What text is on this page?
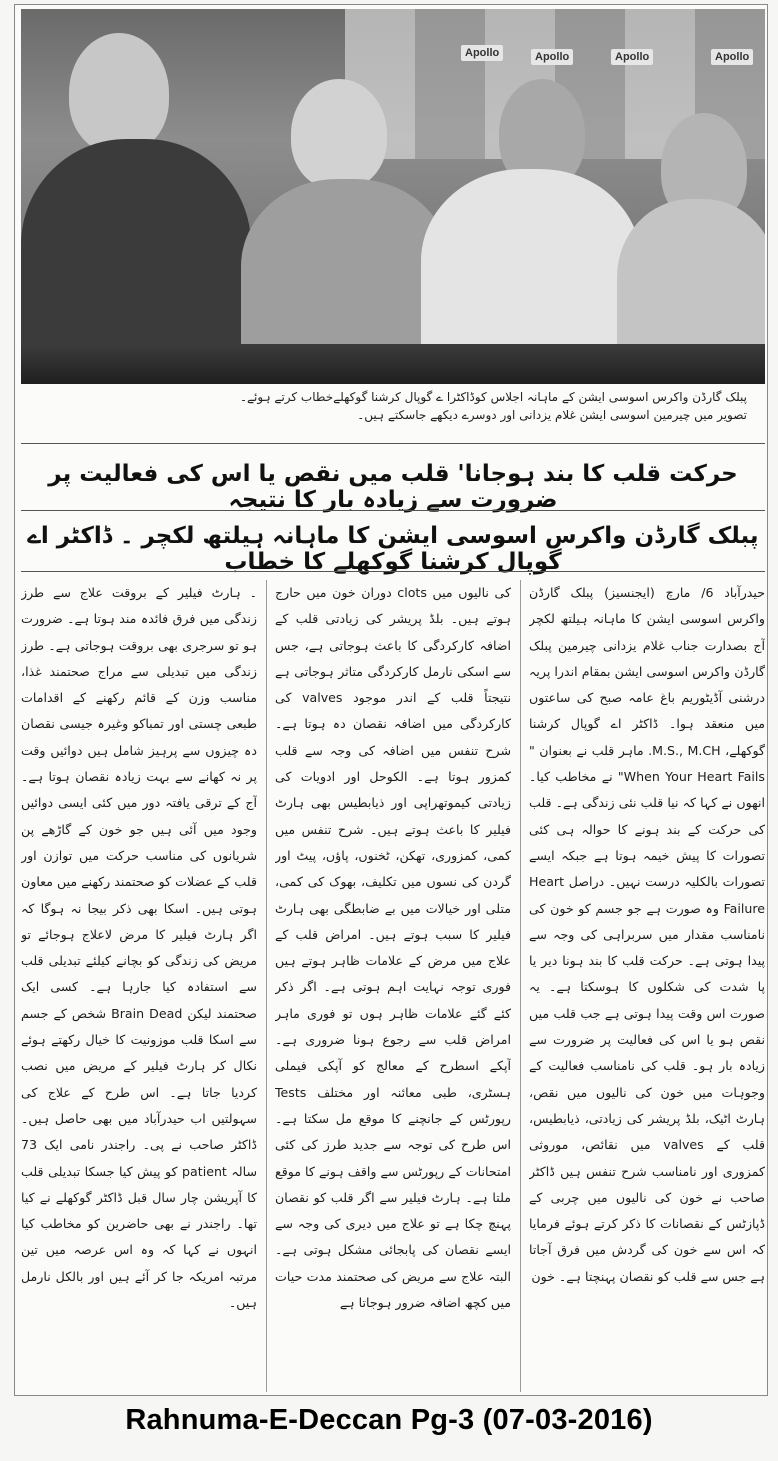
Apollo	Apollo	Apollo	Apollo
پبلک گارڈن واکرس اسوسی ایشن کے ماہانہ اجلاس کوڈاکٹرا ے گوپال کرشنا گوکھلےخطاب کرتے ہوئے۔
تصویر میں چیرمین اسوسی ایشن غلام یزدانی اور دوسرے دیکھے جاسکتے ہیں۔
حرکت قلب کا بند ہوجانا' قلب میں نقص یا اس کی فعالیت پر ضرورت سے زیادہ بار کا نتیجہ
پبلک گارڈن واکرس اسوسی ایشن کا ماہانہ ہیلتھ لکچر ۔ ڈاکٹر اے گوپال کرشنا گوکھلے کا خطاب

حیدرآباد 6/ مارچ (ایجنسیز) پبلک گارڈن واکرس اسوسی ایشن کا ماہانہ ہیلتھ لکچر آج بصدارت جناب غلام یزدانی چیرمین پبلک گارڈن واکرس اسوسی ایشن بمقام اندرا پریہ درشنی آڈیٹوریم باغ عامہ صبح کی ساعتوں میں منعقد ہوا۔ ڈاکٹر اے گوپال کرشنا گوکھلے، M.S., M.CH. ماہر قلب نے بعنوان " When Your Heart Fails" نے مخاطب کیا۔ انھوں نے کہا کہ نیا قلب نئی زندگی ہے۔ قلب کی حرکت کے بند ہونے کا حوالہ ہی کئی تصورات کا پیش خیمہ ہوتا ہے جبکہ ایسے تصورات بالکلیہ درست نہیں۔ دراصل Heart Failure وہ صورت ہے جو جسم کو خون کی نامناسب مقدار میں سربراہی کی وجہ سے پیدا ہوتی ہے۔ حرکت قلب کا بند ہونا دیر یا پا شدت کی شکلوں کا ہوسکتا ہے۔ یہ صورت اس وقت پیدا ہوتی ہے جب قلب میں نقص ہو یا اس کی فعالیت پر ضرورت سے زیادہ بار ہو۔ قلب کی نامناسب فعالیت کے وجوہات میں خون کی نالیوں میں نقص، ہارٹ اٹیک، بلڈ پریشر کی زیادتی، ذیابطیس، قلب کے valves میں نقائص، موروثی کمزوری اور نامناسب شرح تنفس ہیں ڈاکٹر صاحب نے خون کی نالیوں میں چربی کے ڈپازٹس کے نقصانات کا ذکر کرتے ہوئے فرمایا کہ اس سے خون کی گردش میں فرق آجاتا ہے جس سے قلب کو نقصان پہنچتا ہے۔ خون

کی نالیوں میں clots دوران خون میں حارج ہوتے ہیں۔ بلڈ پریشر کی زیادتی قلب کے اضافہ کارکردگی کا باعث ہوجاتی ہے، جس سے اسکی نارمل کارکردگی متاثر ہوجاتی ہے نتیجتاً قلب کے اندر موجود valves کی کارکردگی میں اضافہ نقصان دہ ہوتا ہے۔ شرح تنفس میں اضافہ کی وجہ سے قلب کمزور ہوتا ہے۔ الکوحل اور ادویات کی زیادتی کیموتھراپی اور ذیابطیس بھی ہارٹ فیلیر کا باعث ہوتے ہیں۔ شرح تنفس میں کمی، کمزوری، تھکن، ٹخنوں، پاؤں، پیٹ اور گردن کی نسوں میں تکلیف، بھوک کی کمی، متلی اور خیالات میں بے ضابطگی بھی ہارٹ فیلیر کا سبب ہوتے ہیں۔ امراض قلب کے علاج میں مرض کے علامات ظاہر ہوتے ہیں فوری توجہ نہایت اہم ہوتی ہے۔ اگر ذکر کئے گئے علامات ظاہر ہوں تو فوری ماہر امراض قلب سے رجوع ہونا ضروری ہے۔ آپکے اسطرح کے معالج کو آپکی فیملی ہسٹری، طبی معائنہ اور مختلف Tests رپورٹس کے جانچنے کا موقع مل سکتا ہے۔ اس طرح کی توجہ سے جدید طرز کی کئی امتحانات کے رپورٹس سے واقف ہونے کا موقع ملتا ہے۔ ہارٹ فیلیر سے اگر قلب کو نقصان پہنچ چکا ہے تو علاج میں دیری کی وجہ سے ایسے نقصان کی پابجائی مشکل ہوتی ہے۔ البتہ علاج سے مریض کی صحتمند مدت حیات میں کچھ اضافہ ضرور ہوجاتا ہے

۔ ہارٹ فیلیر کے بروقت علاج سے طرز زندگی میں فرق فائدہ مند ہوتا ہے۔ ضرورت ہو تو سرجری بھی بروقت ہوجاتی ہے۔ طرز زندگی میں تبدیلی سے مراج صحتمند غذا، مناسب وزن کے قائم رکھنے کے اقدامات طبعی چستی اور تمباکو وغیرہ جیسی نقصان دہ چیزوں سے پرہیز شامل ہیں دوائیں وقت پر نہ کھانے سے بہت زیادہ نقصان ہوتا ہے۔ آج کے ترقی یافتہ دور میں کئی ایسی دوائیں وجود میں آئی ہیں جو خون کے گاڑھے پن شریانوں کی مناسب حرکت میں توازن اور قلب کے عضلات کو صحتمند رکھنے میں معاون ہوتی ہیں۔ اسکا بھی ذکر بیجا نہ ہوگا کہ اگر ہارٹ فیلیر کا مرض لاعلاج ہوجائے تو مریض کی زندگی کو بچانے کیلئے تبدیلی قلب سے استفادہ کیا جارہا ہے۔ کسی ایک صحتمند لیکن Brain Dead شخص کے جسم سے اسکا قلب موزونیت کا خیال رکھتے ہوئے نکال کر ہارٹ فیلیر کے مریض میں نصب کردیا جاتا ہے۔ اس طرح کے علاج کی سہولتیں اب حیدرآباد میں بھی حاصل ہیں۔ ڈاکٹر صاحب نے پی۔ راجندر نامی ایک 73 سالہ patient کو پیش کیا جسکا تبدیلی قلب کا آپریشن چار سال قبل ڈاکٹر گوکھلے نے کیا تھا۔ راجندر نے بھی حاضرین کو مخاطب کیا انہوں نے کہا کہ وہ اس عرصہ میں تین مرتبہ امریکہ جا کر آئے ہیں اور بالکل نارمل ہیں۔

Rahnuma-E-Deccan Pg-3 (07-03-2016)
